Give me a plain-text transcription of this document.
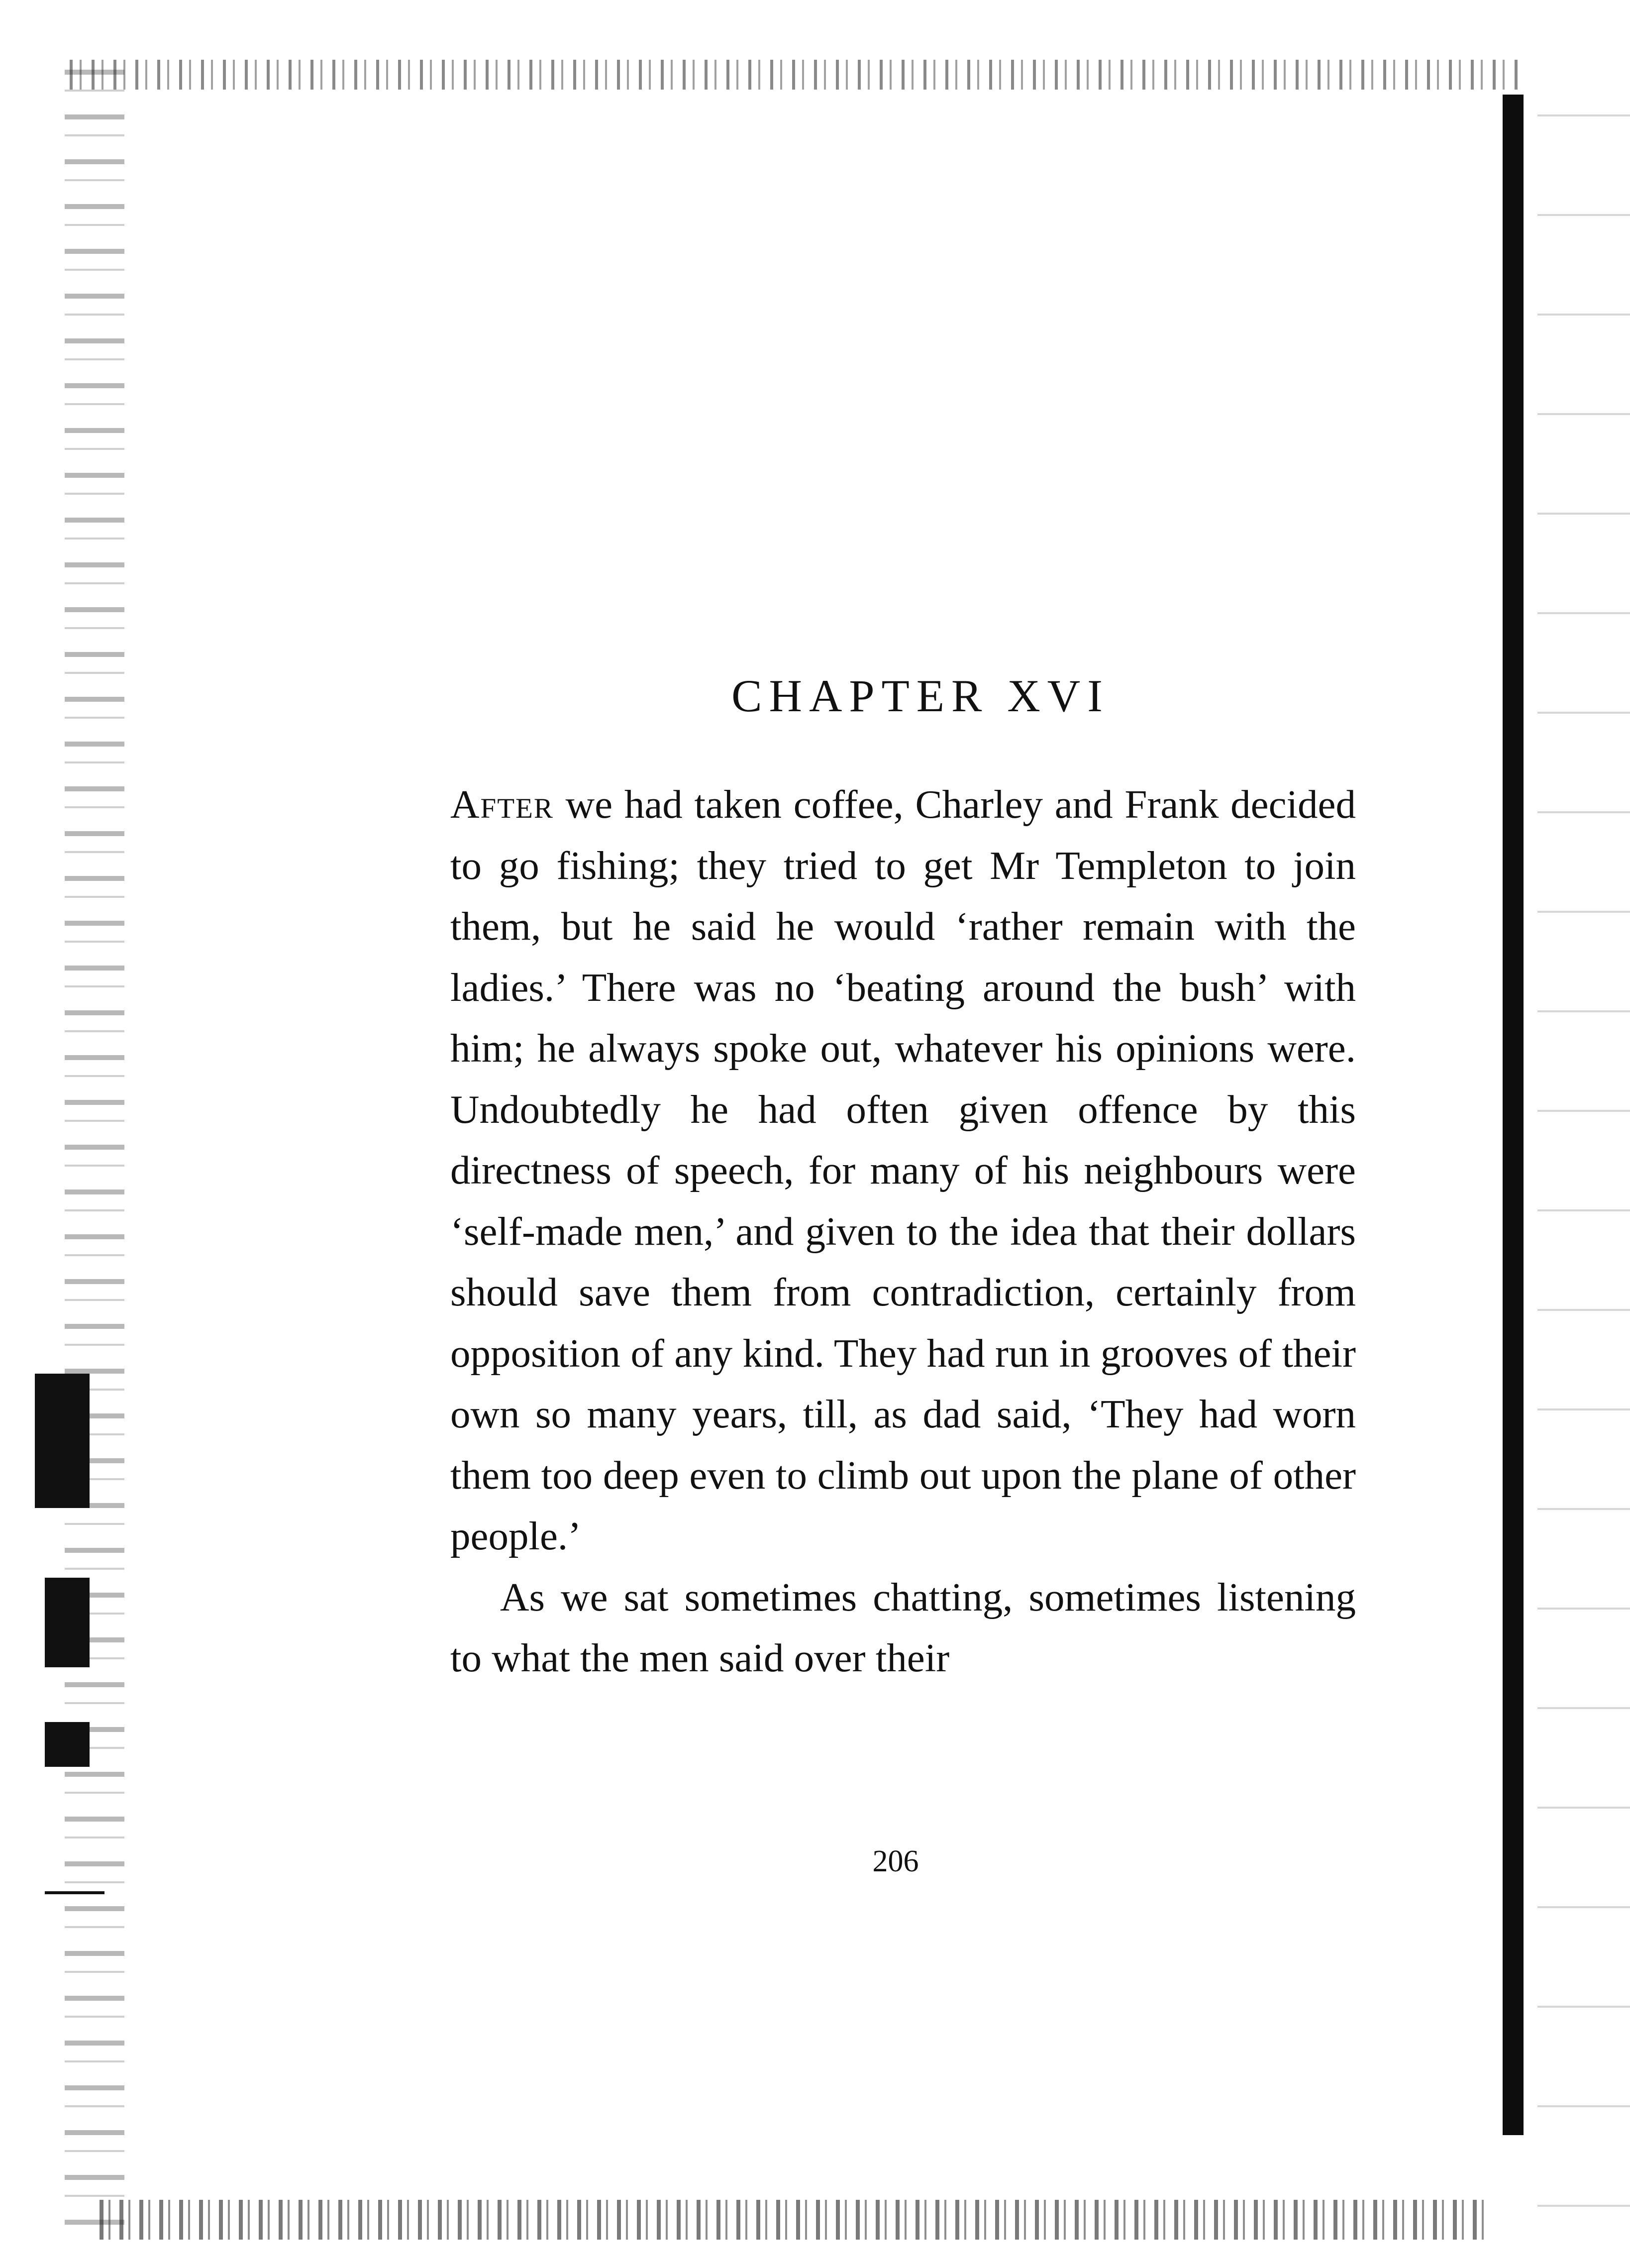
CHAPTER XVI

After we had taken coffee, Charley and Frank decided to go fishing; they tried to get Mr Templeton to join them, but he said he would ‘rather remain with the ladies.’ There was no ‘beating around the bush’ with him; he always spoke out, whatever his opinions were. Undoubtedly he had often given offence by this directness of speech, for many of his neighbours were ‘self-made men,’ and given to the idea that their dollars should save them from contradiction, certainly from opposition of any kind. They had run in grooves of their own so many years, till, as dad said, ‘They had worn them too deep even to climb out upon the plane of other people.’

As we sat sometimes chatting, sometimes listening to what the men said over their

206
